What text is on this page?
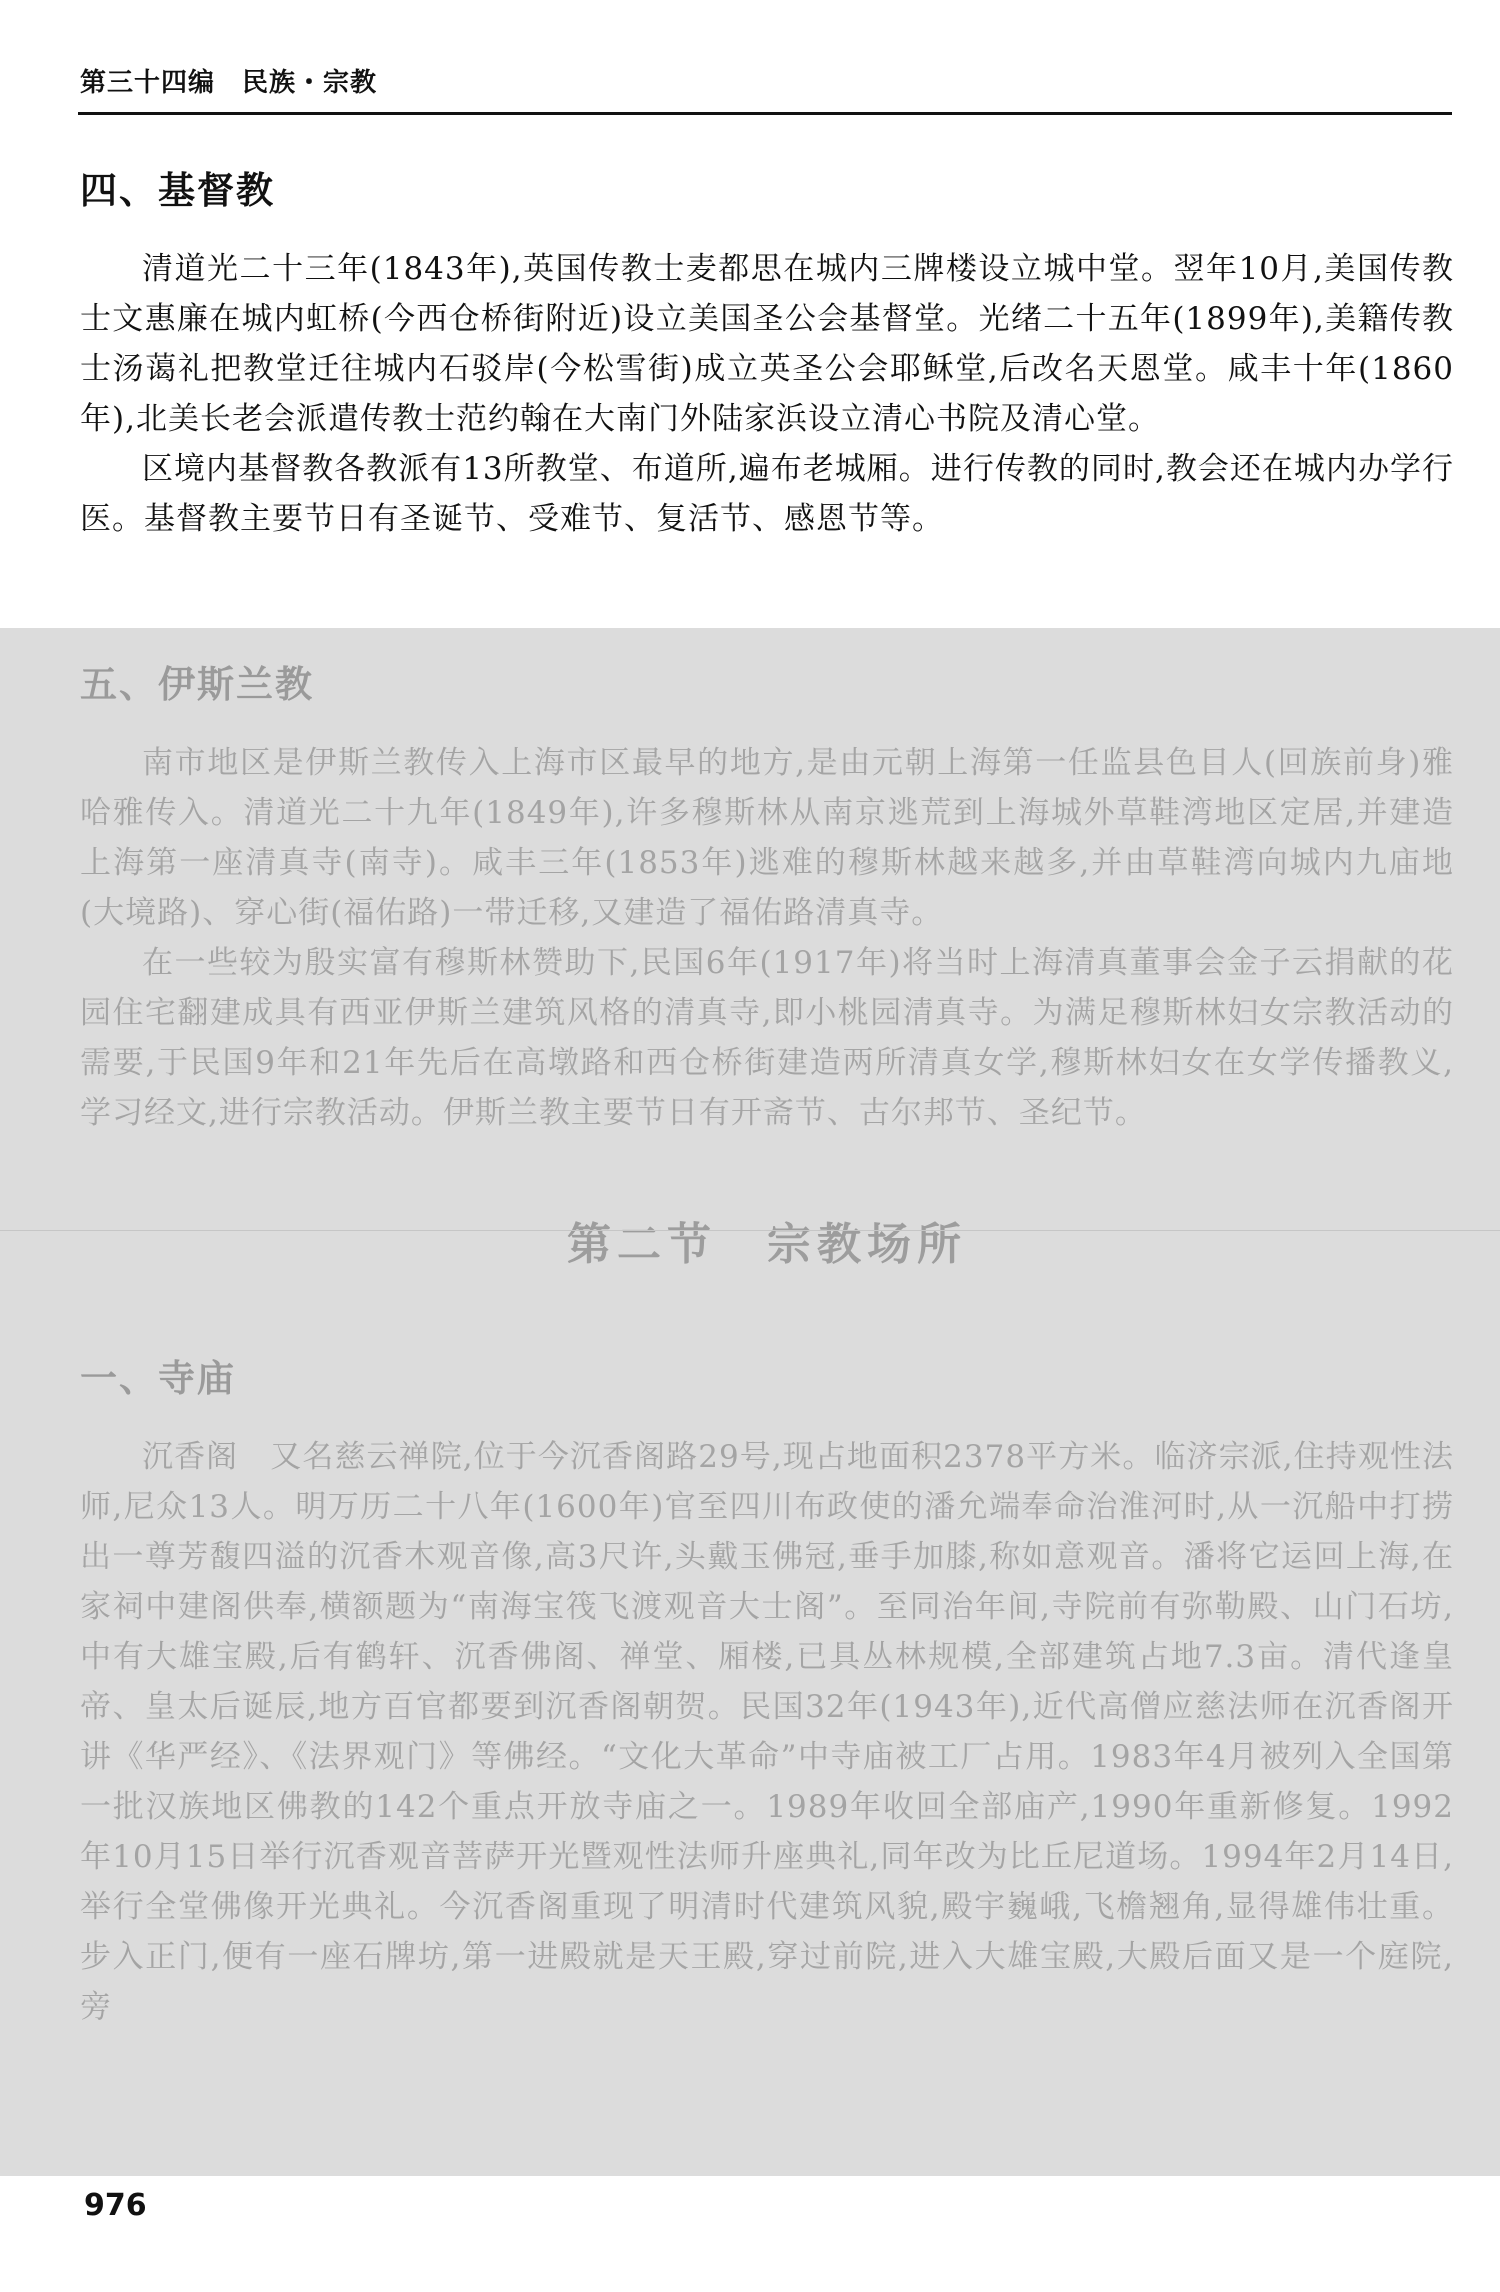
第三十四编　民族・宗教
四、基督教

清道光二十三年(1843年),英国传教士麦都思在城内三牌楼设立城中堂。翌年10月,美国传教士文惠廉在城内虹桥(今西仓桥街附近)设立美国圣公会基督堂。光绪二十五年(1899年),美籍传教士汤蔼礼把教堂迁往城内石驳岸(今松雪街)成立英圣公会耶稣堂,后改名天恩堂。咸丰十年(1860年),北美长老会派遣传教士范约翰在大南门外陆家浜设立清心书院及清心堂。

区境内基督教各教派有13所教堂、布道所,遍布老城厢。进行传教的同时,教会还在城内办学行医。基督教主要节日有圣诞节、受难节、复活节、感恩节等。

五、伊斯兰教

南市地区是伊斯兰教传入上海市区最早的地方,是由元朝上海第一任监县色目人(回族前身)雅哈雅传入。清道光二十九年(1849年),许多穆斯林从南京逃荒到上海城外草鞋湾地区定居,并建造上海第一座清真寺(南寺)。咸丰三年(1853年)逃难的穆斯林越来越多,并由草鞋湾向城内九庙地(大境路)、穿心街(福佑路)一带迁移,又建造了福佑路清真寺。

在一些较为殷实富有穆斯林赞助下,民国6年(1917年)将当时上海清真董事会金子云捐献的花园住宅翻建成具有西亚伊斯兰建筑风格的清真寺,即小桃园清真寺。为满足穆斯林妇女宗教活动的需要,于民国9年和21年先后在高墩路和西仓桥街建造两所清真女学,穆斯林妇女在女学传播教义,学习经文,进行宗教活动。伊斯兰教主要节日有开斋节、古尔邦节、圣纪节。

第二节　宗教场所
一、寺庙

沉香阁　又名慈云禅院,位于今沉香阁路29号,现占地面积2378平方米。临济宗派,住持观性法师,尼众13人。明万历二十八年(1600年)官至四川布政使的潘允端奉命治淮河时,从一沉船中打捞出一尊芳馥四溢的沉香木观音像,高3尺许,头戴玉佛冠,垂手加膝,称如意观音。潘将它运回上海,在家祠中建阁供奉,横额题为“南海宝筏飞渡观音大士阁”。至同治年间,寺院前有弥勒殿、山门石坊,中有大雄宝殿,后有鹤轩、沉香佛阁、禅堂、厢楼,已具丛林规模,全部建筑占地7.3亩。清代逢皇帝、皇太后诞辰,地方百官都要到沉香阁朝贺。民国32年(1943年),近代高僧应慈法师在沉香阁开讲《华严经》、《法界观门》等佛经。“文化大革命”中寺庙被工厂占用。1983年4月被列入全国第一批汉族地区佛教的142个重点开放寺庙之一。1989年收回全部庙产,1990年重新修复。1992年10月15日举行沉香观音菩萨开光暨观性法师升座典礼,同年改为比丘尼道场。1994年2月14日,举行全堂佛像开光典礼。今沉香阁重现了明清时代建筑风貌,殿宇巍峨,飞檐翘角,显得雄伟壮重。步入正门,便有一座石牌坊,第一进殿就是天王殿,穿过前院,进入大雄宝殿,大殿后面又是一个庭院,旁

976
